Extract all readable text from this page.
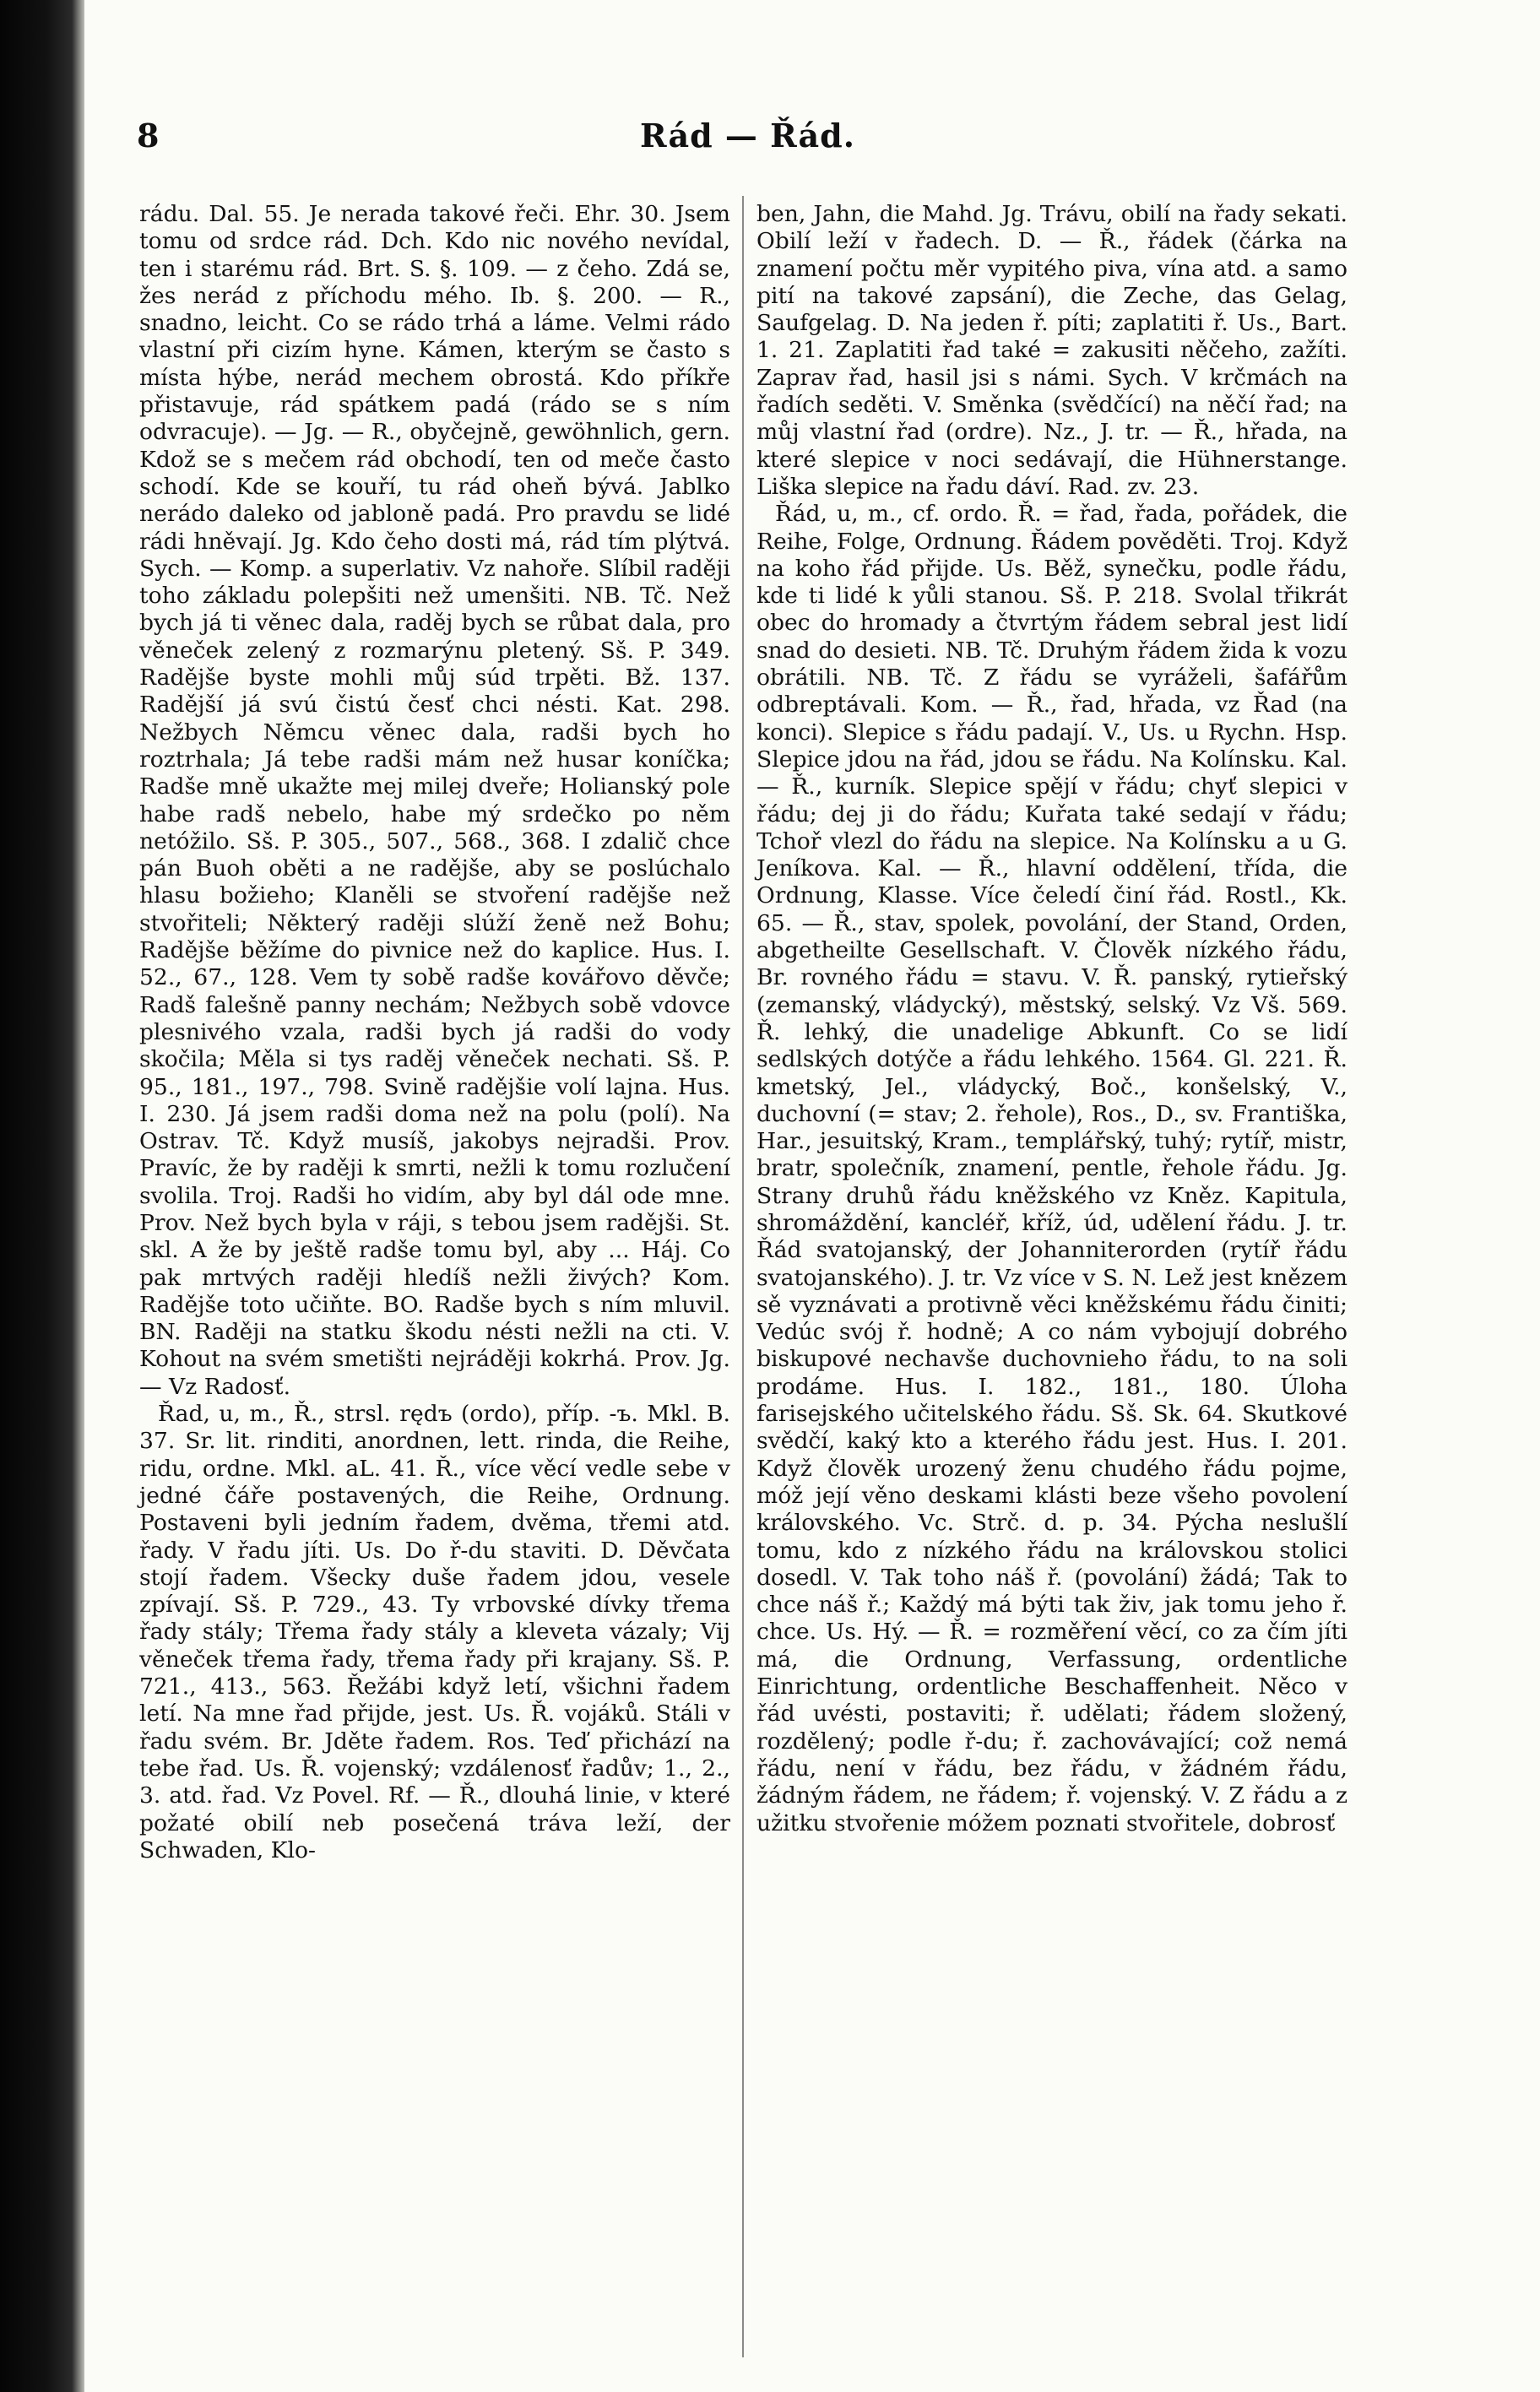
8	Rád — Řád.

rádu. Dal. 55. Je nerada takové řeči. Ehr. 30. Jsem tomu od srdce rád. Dch. Kdo nic nového nevídal, ten i starému rád. Brt. S. §. 109. — z čeho. Zdá se, žes nerád z příchodu mého. Ib. §. 200. — R., snadno, leicht. Co se rádo trhá a láme. Velmi rádo vlastní při cizím hyne. Kámen, kterým se často s místa hýbe, nerád mechem obrostá. Kdo příkře přistavuje, rád spátkem padá (rádo se s ním odvracuje). — Jg. — R., obyčejně, gewöhnlich, gern. Kdož se s mečem rád obchodí, ten od meče často schodí. Kde se kouří, tu rád oheň bývá. Jablko nerádo daleko od jabloně padá. Pro pravdu se lidé rádi hněvají. Jg. Kdo čeho dosti má, rád tím plýtvá. Sych. — Komp. a superlativ. Vz nahoře. Slíbil raději toho základu polepšiti než umenšiti. NB. Tč. Než bych já ti věnec dala, raděj bych se růbat dala, pro věneček zelený z rozmarýnu pletený. Sš. P. 349. Radějše byste mohli můj súd trpěti. Bž. 137. Radější já svú čistú česť chci nésti. Kat. 298. Nežbych Němcu věnec dala, radši bych ho roztrhala; Já tebe radši mám než husar koníčka; Radše mně ukažte mej milej dveře; Holianský pole habe radš nebelo, habe mý srdečko po něm netóžilo. Sš. P. 305., 507., 568., 368. I zdalič chce pán Buoh oběti a ne radějše, aby se poslúchalo hlasu božieho; Klaněli se stvoření radějše než stvořiteli; Některý raději slúží ženě než Bohu; Radějše běžíme do pivnice než do kaplice. Hus. I. 52., 67., 128. Vem ty sobě radše kovářovo děvče; Radš falešně panny nechám; Nežbych sobě vdovce plesnivého vzala, radši bych já radši do vody skočila; Měla si tys raděj věneček nechati. Sš. P. 95., 181., 197., 798. Svině radějšie volí lajna. Hus. I. 230. Já jsem radši doma než na polu (polí). Na Ostrav. Tč. Když musíš, jakobys nejradši. Prov. Pravíc, že by raději k smrti, nežli k tomu rozlučení svolila. Troj. Radši ho vidím, aby byl dál ode mne. Prov. Než bych byla v ráji, s tebou jsem radějši. St. skl. A že by ještě radše tomu byl, aby ... Háj. Co pak mrtvých raději hledíš nežli živých? Kom. Radějše toto učiňte. BO. Radše bych s ním mluvil. BN. Raději na statku škodu nésti nežli na cti. V. Kohout na svém smetišti nejráději kokrhá. Prov. Jg. — Vz Radosť.

Řad, u, m., Ř., strsl. rędъ (ordo), příp. -ъ. Mkl. B. 37. Sr. lit. rinditi, anordnen, lett. rinda, die Reihe, ridu, ordne. Mkl. aL. 41. Ř., více věcí vedle sebe v jedné čáře postavených, die Reihe, Ordnung. Postaveni byli jedním řadem, dvěma, třemi atd. řady. V řadu jíti. Us. Do ř-du staviti. D. Děvčata stojí řadem. Všecky duše řadem jdou, vesele zpívají. Sš. P. 729., 43. Ty vrbovské dívky třema řady stály; Třema řady stály a kleveta vázaly; Vij věneček třema řady, třema řady při krajany. Sš. P. 721., 413., 563. Řežábi když letí, všichni řadem letí. Na mne řad přijde, jest. Us. Ř. vojáků. Stáli v řadu svém. Br. Jděte řadem. Ros. Teď přichází na tebe řad. Us. Ř. vojenský; vzdálenosť řadův; 1., 2., 3. atd. řad. Vz Povel. Rf. — Ř., dlouhá linie, v které požaté obilí neb posečená tráva leží, der Schwaden, Klo-

ben, Jahn, die Mahd. Jg. Trávu, obilí na řady sekati. Obilí leží v řadech. D. — Ř., řádek (čárka na znamení počtu měr vypitého piva, vína atd. a samo pití na takové zapsání), die Zeche, das Gelag, Saufgelag. D. Na jeden ř. píti; zaplatiti ř. Us., Bart. 1. 21. Zaplatiti řad také = zakusiti něčeho, zažíti. Zaprav řad, hasil jsi s námi. Sych. V krčmách na řadích seděti. V. Směnka (svědčící) na něčí řad; na můj vlastní řad (ordre). Nz., J. tr. — Ř., hřada, na které slepice v noci sedávají, die Hühnerstange. Liška slepice na řadu dáví. Rad. zv. 23.

Řád, u, m., cf. ordo. Ř. = řad, řada, pořádek, die Reihe, Folge, Ordnung. Řádem pověděti. Troj. Když na koho řád přijde. Us. Běž, synečku, podle řádu, kde ti lidé k yůli stanou. Sš. P. 218. Svolal třikrát obec do hromady a čtvrtým řádem sebral jest lidí snad do desieti. NB. Tč. Druhým řádem žida k vozu obrátili. NB. Tč. Z řádu se vyráželi, šafářům odbreptávali. Kom. — Ř., řad, hřada, vz Řad (na konci). Slepice s řádu padají. V., Us. u Rychn. Hsp. Slepice jdou na řád, jdou se řádu. Na Kolínsku. Kal. — Ř., kurník. Slepice spějí v řádu; chyť slepici v řádu; dej ji do řádu; Kuřata také sedají v řádu; Tchoř vlezl do řádu na slepice. Na Kolínsku a u G. Jeníkova. Kal. — Ř., hlavní oddělení, třída, die Ordnung, Klasse. Více čeledí činí řád. Rostl., Kk. 65. — Ř., stav, spolek, povolání, der Stand, Orden, abgetheilte Gesellschaft. V. Člověk nízkého řádu, Br. rovného řádu = stavu. V. Ř. panský, rytieřský (zemanský, vládycký), městský, selský. Vz Vš. 569. Ř. lehký, die unadelige Abkunft. Co se lidí sedlských dotýče a řádu lehkého. 1564. Gl. 221. Ř. kmetský, Jel., vládycký, Boč., konšelský, V., duchovní (= stav; 2. řehole), Ros., D., sv. Františka, Har., jesuitský, Kram., templářský, tuhý; rytíř, mistr, bratr, společník, znamení, pentle, řehole řádu. Jg. Strany druhů řádu kněžského vz Kněz. Kapitula, shromáždění, kancléř, kříž, úd, udělení řádu. J. tr. Řád svatojanský, der Johanniterorden (rytíř řádu svatojanského). J. tr. Vz více v S. N. Lež jest knězem sě vyznávati a protivně věci kněžskému řádu činiti; Vedúc svój ř. hodně; A co nám vybojují dobrého biskupové nechavše duchovnieho řádu, to na soli prodáme. Hus. I. 182., 181., 180. Úloha farisejského učitelského řádu. Sš. Sk. 64. Skutkové svědčí, kaký kto a kterého řádu jest. Hus. I. 201. Když člověk urozený ženu chudého řádu pojme, móž její věno deskami klásti beze všeho povolení královského. Vc. Strč. d. p. 34. Pýcha neslušlí tomu, kdo z nízkého řádu na královskou stolici dosedl. V. Tak toho náš ř. (povolání) žádá; Tak to chce náš ř.; Každý má býti tak živ, jak tomu jeho ř. chce. Us. Hý. — Ř. = rozměření věcí, co za čím jíti má, die Ordnung, Verfassung, ordentliche Einrichtung, ordentliche Beschaffenheit. Něco v řád uvésti, postaviti; ř. udělati; řádem složený, rozdělený; podle ř-du; ř. zachovávající; což nemá řádu, není v řádu, bez řádu, v žádném řádu, žádným řádem, ne řádem; ř. vojenský. V. Z řádu a z užitku stvořenie móžem poznati stvořitele, dobrosť
